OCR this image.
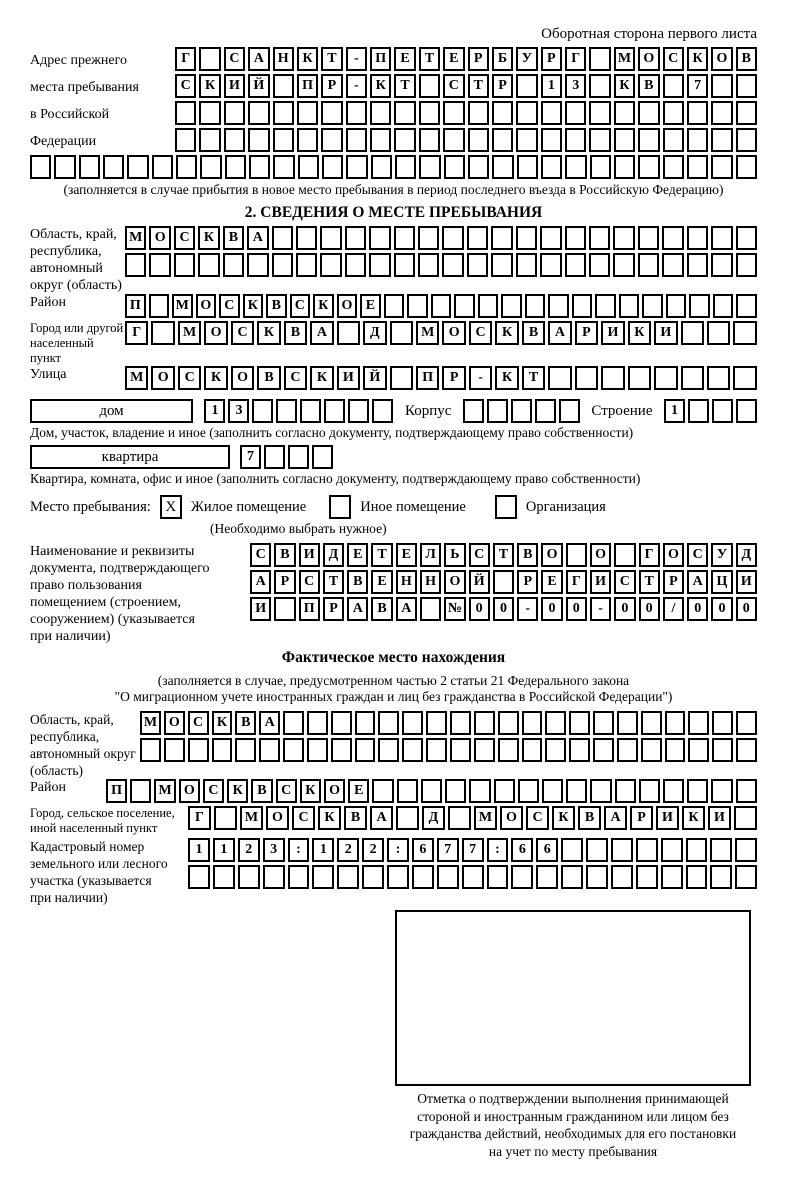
Оборотная сторона первого листа
Адрес прежнего
места пребывания
в Российской
Федерации
Г	С	А Н К	Т	-	П	Е	Т	Е	Р	Б	У	Р	Г	М О С	К О	В
С	К И Й	П	Р	-	К	Т	С	Т	Р	1	3	К	В	7
(заполняется в случае прибытия в новое место пребывания в период последнего въезда в Российскую Федерацию)
2. СВЕДЕНИЯ О МЕСТЕ ПРЕБЫВАНИЯ
Область, край,
республика,
автономный
округ (область)
М О С	К	В	А
Район	П	М О С К В С К О Е
Город или другой
населенный пункт
Г	М	О	С	К	В	А	Д	М	О	С	К	В	А	Р	И	К	И
Улица	М	О	С	К	О	В	С	К	И	Й	П	Р	-	К	Т
дом	1	3	Корпус	Строение	1
Дом, участок, владение и иное (заполнить согласно документу, подтверждающему право собственности)
квартира	7
Квартира, комната, офис и иное (заполнить согласно документу, подтверждающему право собственности)
Место пребывания: X	Жилое помещение	Иное помещение	Организация
(Необходимо выбрать нужное)
Наименование и реквизиты
документа, подтверждающего
право пользования
помещением (строением,
сооружением) (указывается
при наличии)
С	В	И	Д	Е	Т	Е	Л	Ь	С	Т	В	О	О	Г	О С	У	Д
А	Р	С	Т	В	Е	Н Н О Й	Р	Е	Г	И С	Т	Р	А Ц И
И	П	Р	А	В	А	№ 0	0	-	0	0	-	0	0	/	0	0	0
Фактическое место нахождения
(заполняется в случае, предусмотренном частью 2 статьи 21 Федерального закона
"О миграционном учете иностранных граждан и лиц без гражданства в Российской Федерации")
Область, край,
республика,
автономный округ
(область)
М О С К	В	А
Район	П	М О С	К	В	С	К О	Е
Город, сельское поселение,
иной населенный пункт
Г	М О	С	К	В	А	Д	М О	С	К	В	А	Р	И	К	И
Кадастровый номер
земельного или лесного
участка (указывается
при наличии)
1	1	2	3	:	1	2	2	:	6	7	7	:	6	6
Отметка о подтверждении выполнения принимающей
стороной и иностранным гражданином или лицом без
гражданства действий, необходимых для его постановки
на учет по месту пребывания
